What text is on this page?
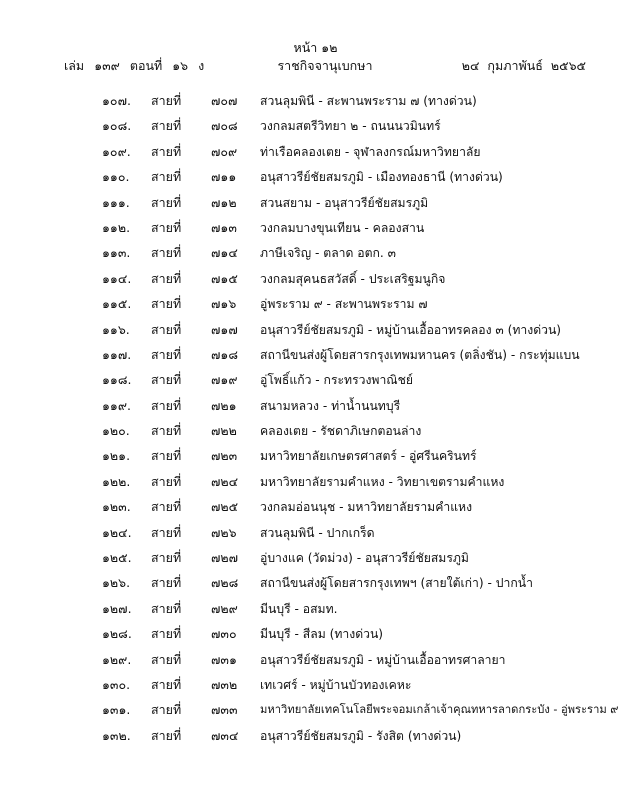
หน้า ๑๒
เล่ม ๑๓๙ ตอนที่ ๑๖ ง	ราชกิจจานุเบกษา	๒๔ กุมภาพันธ์ ๒๕๖๕
๑๐๗. สายที่ ๗๐๗ สวนลุมพินี - สะพานพระราม ๗ (ทางด่วน)
๑๐๘. สายที่ ๗๐๘ วงกลมสตรีวิทยา ๒ - ถนนนวมินทร์
๑๐๙. สายที่ ๗๐๙ ท่าเรือคลองเตย - จุฬาลงกรณ์มหาวิทยาลัย
๑๑๐. สายที่ ๗๑๑ อนุสาวรีย์ชัยสมรภูมิ - เมืองทองธานี (ทางด่วน)
๑๑๑. สายที่ ๗๑๒ สวนสยาม - อนุสาวรีย์ชัยสมรภูมิ
๑๑๒. สายที่ ๗๑๓ วงกลมบางขุนเทียน - คลองสาน
๑๑๓. สายที่ ๗๑๔ ภาษีเจริญ - ตลาด อตก. ๓
๑๑๔. สายที่ ๗๑๕ วงกลมสุคนธสวัสดิ์ - ประเสริฐมนูกิจ
๑๑๕. สายที่ ๗๑๖ อู่พระราม ๙ - สะพานพระราม ๗
๑๑๖. สายที่ ๗๑๗ อนุสาวรีย์ชัยสมรภูมิ - หมู่บ้านเอื้ออาทรคลอง ๓ (ทางด่วน)
๑๑๗. สายที่ ๗๑๘ สถานีขนส่งผู้โดยสารกรุงเทพมหานคร (ตลิ่งชัน) - กระทุ่มแบน
๑๑๘. สายที่ ๗๑๙ อู่โพธิ์แก้ว - กระทรวงพาณิชย์
๑๑๙. สายที่ ๗๒๑ สนามหลวง - ท่าน้ำนนทบุรี
๑๒๐. สายที่ ๗๒๒ คลองเตย - รัชดาภิเษกตอนล่าง
๑๒๑. สายที่ ๗๒๓ มหาวิทยาลัยเกษตรศาสตร์ - อู่ศรีนครินทร์
๑๒๒. สายที่ ๗๒๔ มหาวิทยาลัยรามคำแหง - วิทยาเขตรามคำแหง
๑๒๓. สายที่ ๗๒๕ วงกลมอ่อนนุช - มหาวิทยาลัยรามคำแหง
๑๒๔. สายที่ ๗๒๖ สวนลุมพินี - ปากเกร็ด
๑๒๕. สายที่ ๗๒๗ อู่บางแค (วัดม่วง) - อนุสาวรีย์ชัยสมรภูมิ
๑๒๖. สายที่ ๗๒๘ สถานีขนส่งผู้โดยสารกรุงเทพฯ (สายใต้เก่า) - ปากน้ำ
๑๒๗. สายที่ ๗๒๙ มีนบุรี - อสมท.
๑๒๘. สายที่ ๗๓๐ มีนบุรี - สีลม (ทางด่วน)
๑๒๙. สายที่ ๗๓๑ อนุสาวรีย์ชัยสมรภูมิ - หมู่บ้านเอื้ออาทรศาลายา
๑๓๐. สายที่ ๗๓๒ เทเวศร์ - หมู่บ้านบัวทองเคหะ
๑๓๑. สายที่ ๗๓๓ มหาวิทยาลัยเทคโนโลยีพระจอมเกล้าเจ้าคุณทหารลาดกระบัง - อู่พระราม ๙
๑๓๒. สายที่ ๗๓๔ อนุสาวรีย์ชัยสมรภูมิ - รังสิต (ทางด่วน)
